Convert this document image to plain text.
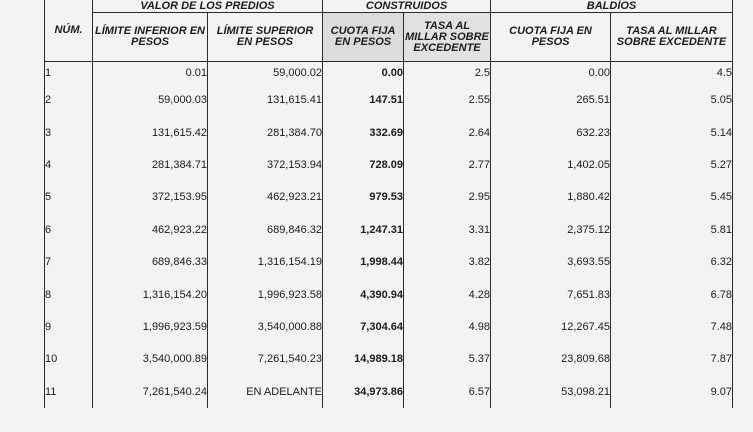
NÚM.	VALOR DE LOS PREDIOS		CONSTRUIDOS		BALDÍOS	
	LÍMITE INFERIOR EN PESOS	LÍMITE SUPERIOR EN PESOS	CUOTA FIJA EN PESOS	TASA AL MILLAR SOBRE EXCEDENTE	CUOTA FIJA EN PESOS	TASA AL MILLAR SOBRE EXCEDENTE
1	0.01	59,000.02	0.00	2.5	0.00	4.5
2	59,000.03	131,615.41	147.51	2.55	265.51	5.05
3	131,615.42	281,384.70	332.69	2.64	632.23	5.14
4	281,384.71	372,153.94	728.09	2.77	1,402.05	5.27
5	372,153.95	462,923.21	979.53	2.95	1,880.42	5.45
6	462,923.22	689,846.32	1,247.31	3.31	2,375.12	5.81
7	689,846.33	1,316,154.19	1,998.44	3.82	3,693.55	6.32
8	1,316,154.20	1,996,923.58	4,390.94	4.28	7,651.83	6.78
9	1,996,923.59	3,540,000.88	7,304.64	4.98	12,267.45	7.48
10	3,540,000.89	7,261,540.23	14,989.18	5.37	23,809.68	7.87
11	7,261,540.24	EN ADELANTE	34,973.86	6.57	53,098.21	9.07
